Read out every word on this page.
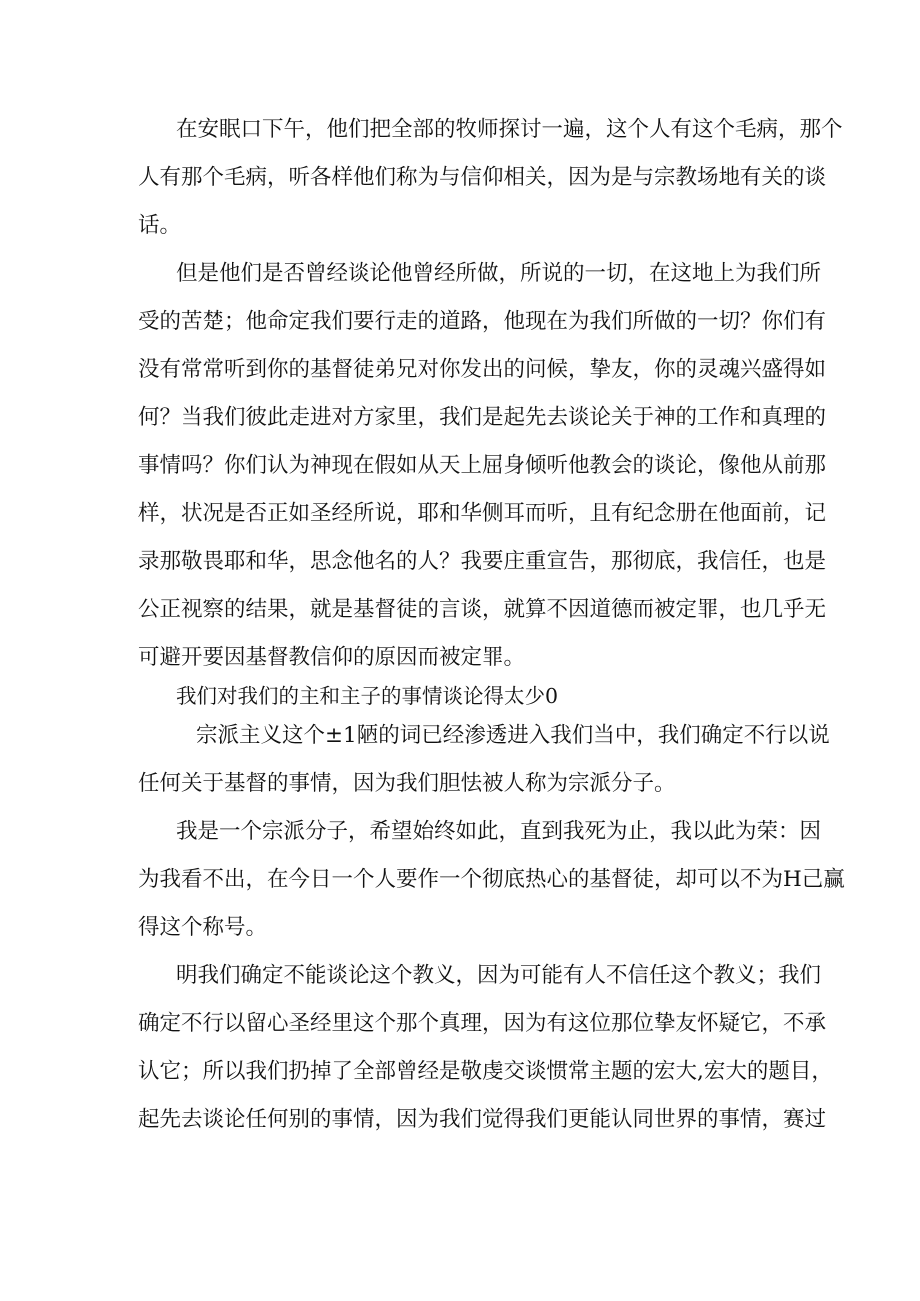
在安眠口下午，他们把全部的牧师探讨一遍，这个人有这个毛病，那个

人有那个毛病，听各样他们称为与信仰相关，因为是与宗教场地有关的谈

话。

但是他们是否曾经谈论他曾经所做，所说的一切，在这地上为我们所

受的苦楚；他命定我们要行走的道路，他现在为我们所做的一切？你们有

没有常常听到你的基督徒弟兄对你发出的问候，挚友，你的灵魂兴盛得如

何？当我们彼此走进对方家里，我们是起先去谈论关于神的工作和真理的

事情吗？你们认为神现在假如从天上屈身倾听他教会的谈论，像他从前那

样，状况是否正如圣经所说，耶和华侧耳而听，且有纪念册在他面前，记

录那敬畏耶和华，思念他名的人？我要庄重宣告，那彻底，我信任，也是

公正视察的结果，就是基督徒的言谈，就算不因道德而被定罪，也几乎无

可避开要因基督教信仰的原因而被定罪。

我们对我们的主和主子的事情谈论得太少0

宗派主义这个±1陋的词已经渗透进入我们当中，我们确定不行以说

任何关于基督的事情，因为我们胆怯被人称为宗派分子。

我是一个宗派分子，希望始终如此，直到我死为止，我以此为荣：因

为我看不出，在今日一个人要作一个彻底热心的基督徒，却可以不为H己赢

得这个称号。

明我们确定不能谈论这个教义，因为可能有人不信任这个教义；我们

确定不行以留心圣经里这个那个真理，因为有这位那位挚友怀疑它，不承

认它；所以我们扔掉了全部曾经是敬虔交谈惯常主题的宏大,宏大的题目，

起先去谈论任何别的事情，因为我们觉得我们更能认同世界的事情，赛过
